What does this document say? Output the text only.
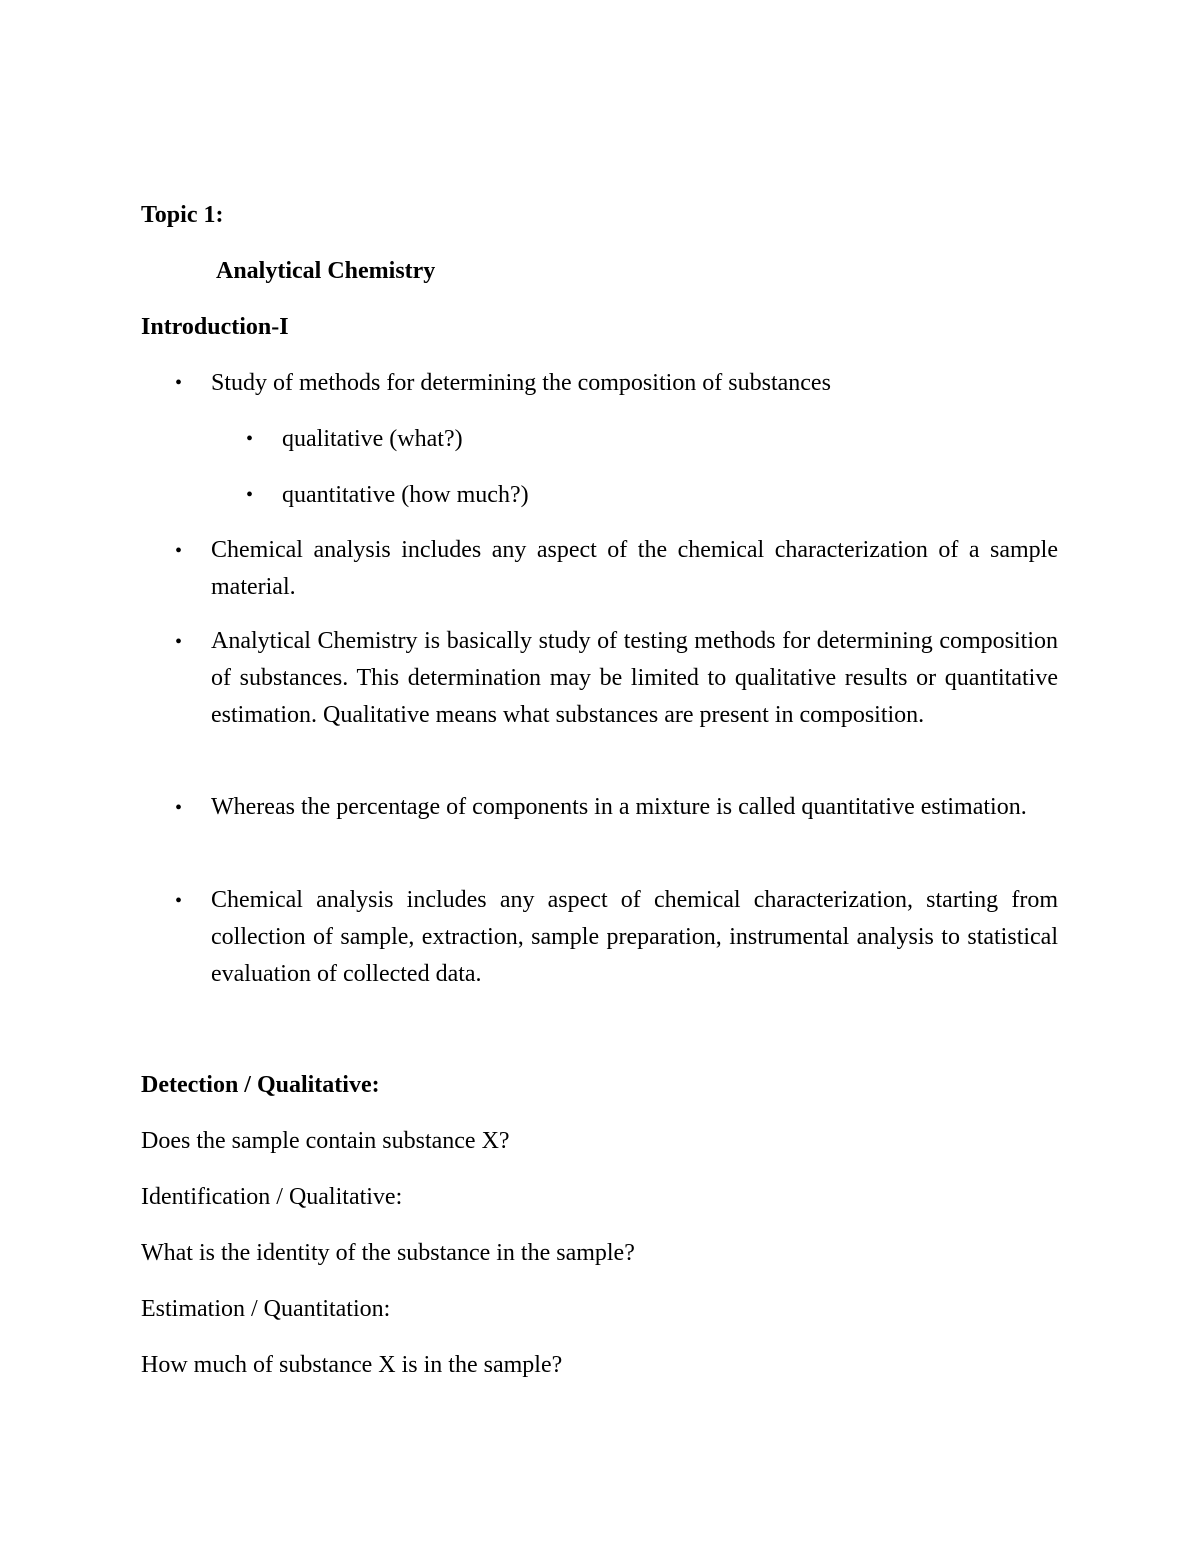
Topic 1:
Analytical Chemistry
Introduction-I
• Study of methods for determining the composition of substances
• qualitative (what?)
• quantitative (how much?)
• Chemical analysis includes any aspect of the chemical characterization of a sample material.
• Analytical Chemistry is basically study of testing methods for determining composition of substances. This determination may be limited to qualitative results or quantitative estimation. Qualitative means what substances are present in composition.
• Whereas the percentage of components in a mixture is called quantitative estimation.
• Chemical analysis includes any aspect of chemical characterization, starting from collection of sample, extraction, sample preparation, instrumental analysis to statistical evaluation of collected data.
Detection / Qualitative:
Does the sample contain substance X?
Identification / Qualitative:
What is the identity of the substance in the sample?
Estimation / Quantitation:
How much of substance X is in the sample?
